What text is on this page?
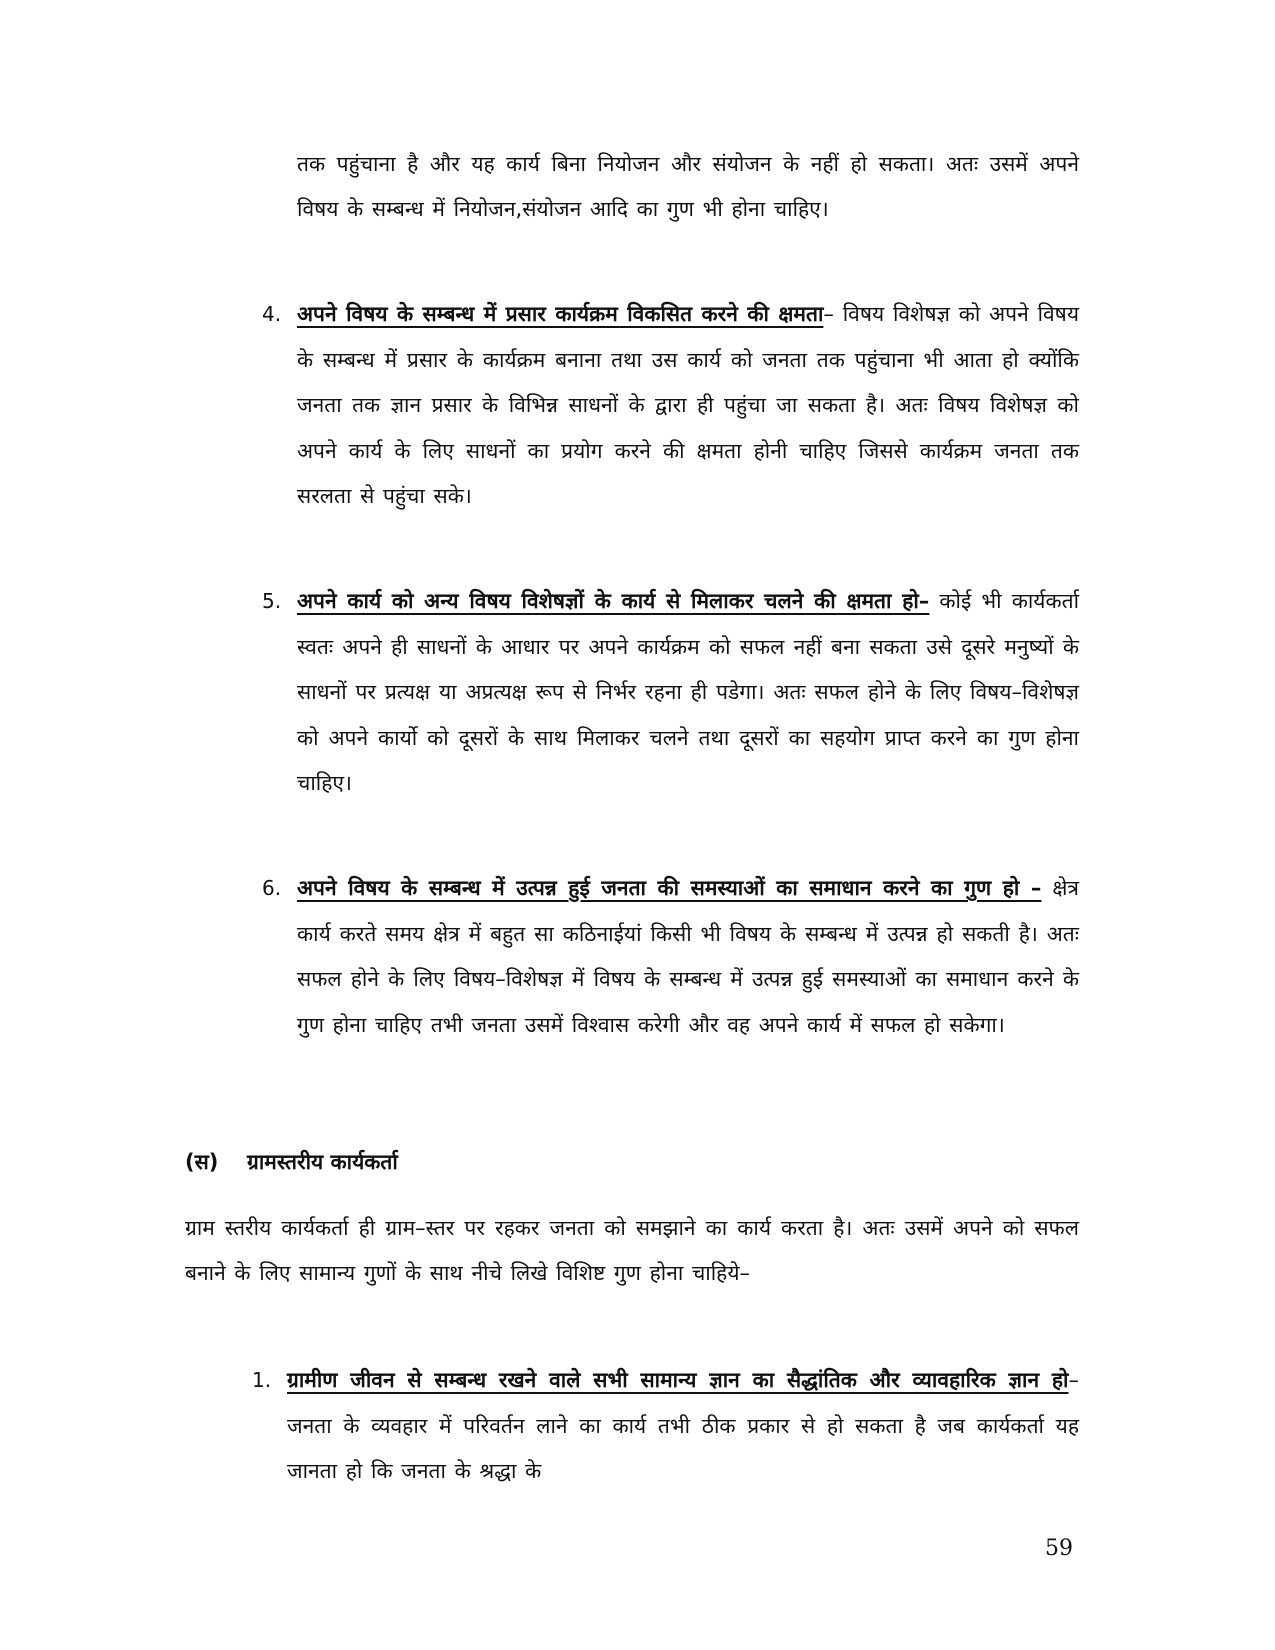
तक पहुंचाना है और यह कार्य बिना नियोजन और संयोजन के नहीं हो सकता। अतः उसमें अपने विषय के सम्बन्ध में नियोजन,संयोजन आदि का गुण भी होना चाहिए।

4. अपने विषय के सम्बन्ध में प्रसार कार्यक्रम विकसित करने की क्षमता– विषय विशेषज्ञ को अपने विषय के सम्बन्ध में प्रसार के कार्यक्रम बनाना तथा उस कार्य को जनता तक पहुंचाना भी आता हो क्योंकि जनता तक ज्ञान प्रसार के विभिन्न साधनों के द्वारा ही पहुंचा जा सकता है। अतः विषय विशेषज्ञ को अपने कार्य के लिए साधनों का प्रयोग करने की क्षमता होनी चाहिए जिससे कार्यक्रम जनता तक सरलता से पहुंचा सके।

5. अपने कार्य को अन्य विषय विशेषज्ञों के कार्य से मिलाकर चलने की क्षमता हो– कोई भी कार्यकर्ता स्वतः अपने ही साधनों के आधार पर अपने कार्यक्रम को सफल नहीं बना सकता उसे दूसरे मनुष्यों के साधनों पर प्रत्यक्ष या अप्रत्यक्ष रूप से निर्भर रहना ही पडेगा। अतः सफल होने के लिए विषय–विशेषज्ञ को अपने कार्यो को दूसरों के साथ मिलाकर चलने तथा दूसरों का सहयोग प्राप्त करने का गुण होना चाहिए।

6. अपने विषय के सम्बन्ध में उत्पन्न हुई जनता की समस्याओं का समाधान करने का गुण हो – क्षेत्र कार्य करते समय क्षेत्र में बहुत सा कठिनाईयां किसी भी विषय के सम्बन्ध में उत्पन्न हो सकती है। अतः सफल होने के लिए विषय–विशेषज्ञ में विषय के सम्बन्ध में उत्पन्न हुई समस्याओं का समाधान करने के गुण होना चाहिए तभी जनता उसमें विश्वास करेगी और वह अपने कार्य में सफल हो सकेगा।

(स) ग्रामस्तरीय कार्यकर्ता

ग्राम स्तरीय कार्यकर्ता ही ग्राम–स्तर पर रहकर जनता को समझाने का कार्य करता है। अतः उसमें अपने को सफल बनाने के लिए सामान्य गुणों के साथ नीचे लिखे विशिष्ट गुण होना चाहिये–

1. ग्रामीण जीवन से सम्बन्ध रखने वाले सभी सामान्य ज्ञान का सैद्धांतिक और व्यावहारिक ज्ञान हो– जनता के व्यवहार में परिवर्तन लाने का कार्य तभी ठीक प्रकार से हो सकता है जब कार्यकर्ता यह जानता हो कि जनता के श्रद्धा के

59
